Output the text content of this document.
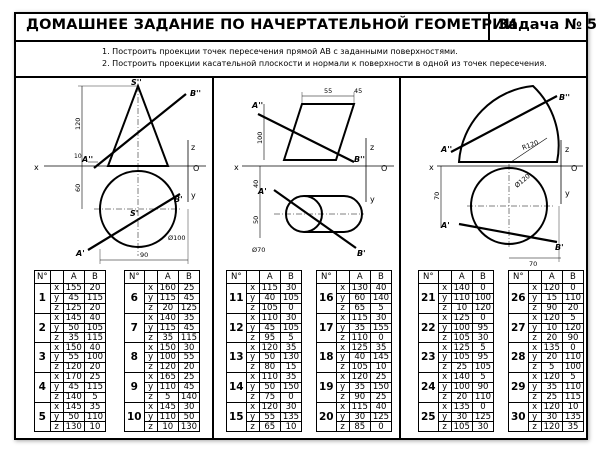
ДОМАШНЕЕ ЗАДАНИЕ ПО НАЧЕРТАТЕЛЬНОЙ ГЕОМЕТРИИ
Задача № 5
1. Построить проекции точек пересечения прямой АВ с заданными поверхностями.
2. Построить проекции касательной плоскости и нормали к поверхности в одной из точек пересечения.
S''
B''
A''
S'
B'
A'
x
z
O
y
Ø100
90
10
120
60
A''
B''
A'
B'
x
z
O
y
55	45
100
40
50
Ø70
B''
A''
A'
B'
x
z
O
y
R120
70
Ø120
70
N°		A	B
1	x	155	20
	y	45	115
	z	125	20
2	x	145	40
	y	50	105
	z	35	115
3	x	150	40
	y	55	100
	z	120	20
4	x	170	25
	y	45	115
	z	140	5
5	x	145	35
	y	50	110
	z	130	10
N°		A	B
6	x	160	25
	y	115	45
	z	20	125
7	x	140	35
	y	115	45
	z	35	115
8	x	150	30
	y	100	55
	z	120	20
9	x	165	25
	y	110	45
	z	5	140
10	x	145	30
	y	110	50
	z	10	130
N°		A	B
11	x	115	30
	y	40	105
	z	105	0
12	x	110	30
	y	45	105
	z	95	5
13	x	120	35
	y	50	130
	z	80	15
14	x	110	35
	y	50	150
	z	75	0
15	x	120	30
	y	55	135
	z	65	10
N°		A	B
16	x	130	40
	y	60	140
	z	65	5
17	x	115	30
	y	35	155
	z	110	0
18	x	125	35
	y	40	145
	z	105	10
19	x	120	25
	y	35	150
	z	90	25
20	x	115	40
	y	30	125
	z	85	0
N°		A	B
21	x	140	0
	y	110	100
	z	10	120
22	x	125	0
	y	100	95
	z	105	30
23	x	125	5
	y	105	95
	z	25	105
24	x	140	5
	y	100	90
	z	20	110
25	x	135	0
	y	30	125
	z	105	30
N°		A	B
26	x	120	0
	y	15	110
	z	90	20
27	x	120	5
	y	10	120
	z	20	90
28	x	135	0
	y	20	110
	z	5	100
29	x	120	5
	y	35	110
	z	25	115
30	x	120	10
	y	30	135
	z	120	35
